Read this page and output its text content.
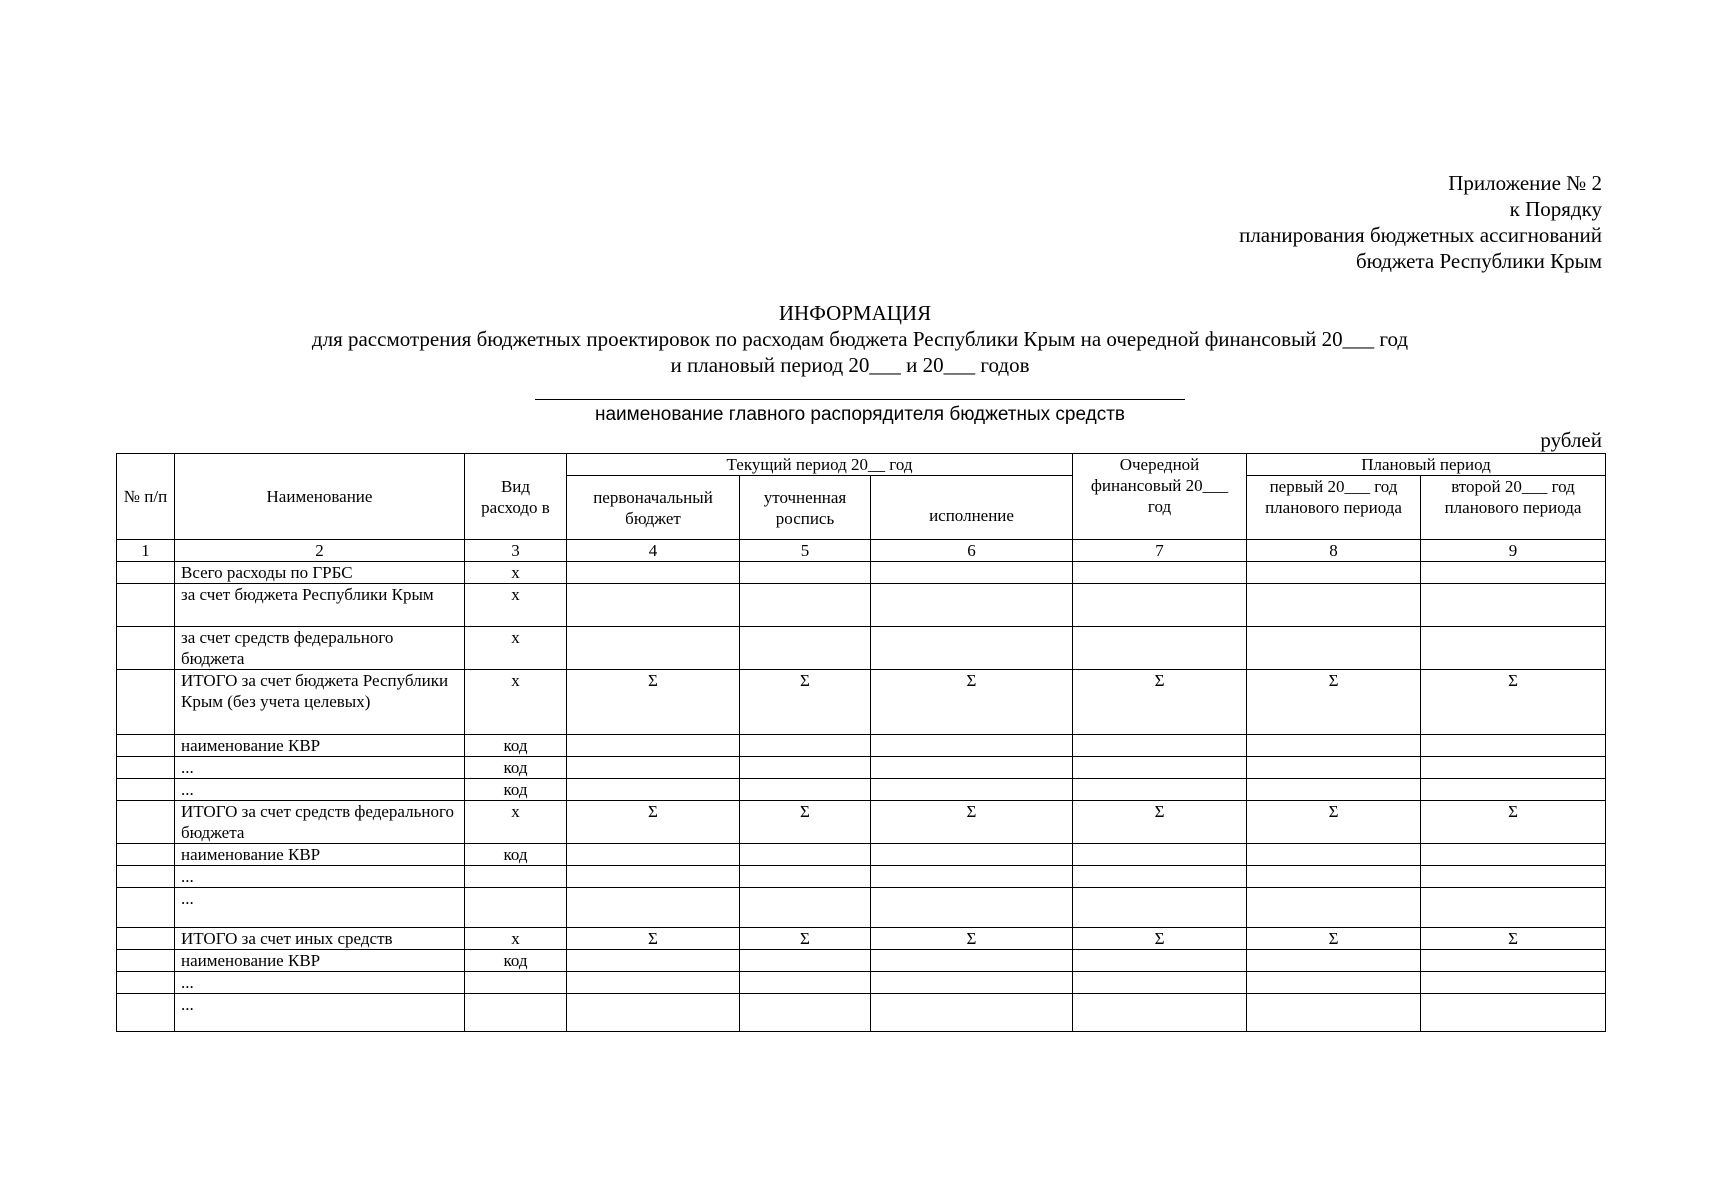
Приложение № 2
к Порядку
планирования бюджетных ассигнований
бюджета Республики Крым
ИНФОРМАЦИЯ
для рассмотрения бюджетных проектировок по расходам бюджета Республики Крым на очередной финансовый 20___ год
и плановый период 20___ и 20___ годов
наименование главного распорядителя бюджетных средств
рублей
№ п/п	Наименование	Вид расходо в	Текущий период 20__ год			Очередной финансовый 20___ год	Плановый период	
			первоначальный бюджет	уточненная роспись	исполнение		первый 20___ год планового периода	второй 20___ год планового периода
1	2	3	4	5	6	7	8	9
	Всего расходы по ГРБС	х						
	за счет бюджета Республики Крым	х						
	за счет средств федерального бюджета	х						
	ИТОГО за счет бюджета Республики Крым (без учета целевых)	х	Σ	Σ	Σ	Σ	Σ	Σ
	наименование КВР	код						
	...	код						
	...	код						
	ИТОГО за счет средств федерального бюджета	х	Σ	Σ	Σ	Σ	Σ	Σ
	наименование КВР	код						
	...							
	...							
	ИТОГО за счет иных средств	х	Σ	Σ	Σ	Σ	Σ	Σ
	наименование КВР	код						
	...							
	...							
